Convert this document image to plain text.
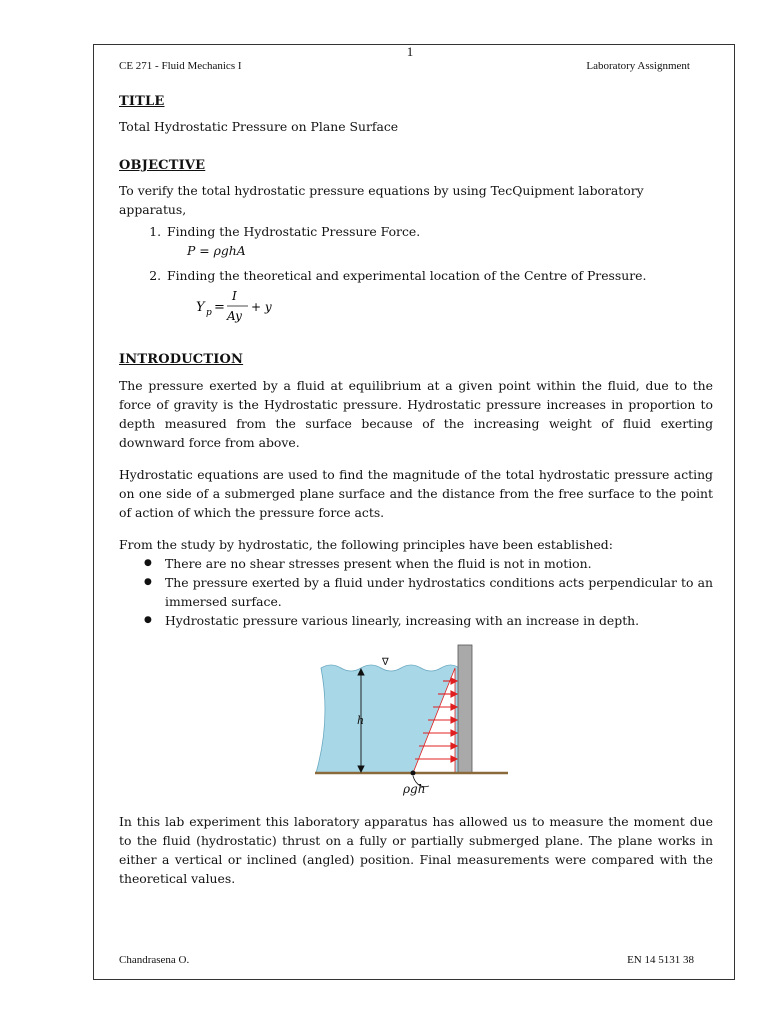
1
CE 271 - Fluid Mechanics I	Laboratory Assignment
TITLE

Total Hydrostatic Pressure on Plane Surface

OBJECTIVE

To verify the total hydrostatic pressure equations by using TecQuipment laboratory apparatus,

1. Finding the Hydrostatic Pressure Force.
P = ρghA
2. Finding the theoretical and experimental location of the Centre of Pressure.
Y p =
I
Ay
+ y
INTRODUCTION

The pressure exerted by a fluid at equilibrium at a given point within the fluid, due to the force of gravity is the Hydrostatic pressure. Hydrostatic pressure increases in proportion to depth measured from the surface because of the increasing weight of fluid exerting downward force from above.

Hydrostatic equations are used to find the magnitude of the total hydrostatic pressure acting on one side of a submerged plane surface and the distance from the free surface to the point of action of which the pressure force acts.

From the study by hydrostatic, the following principles have been established:

● There are no shear stresses present when the fluid is not in motion.
● The pressure exerted by a fluid under hydrostatics conditions acts perpendicular to an immersed surface.
● Hydrostatic pressure various linearly, increasing with an increase in depth.
h
∇
ρgh

In this lab experiment this laboratory apparatus has allowed us to measure the moment due to the fluid (hydrostatic) thrust on a fully or partially submerged plane. The plane works in either a vertical or inclined (angled) position. Final measurements were compared with the theoretical values.

Chandrasena O.	EN 14 5131 38
